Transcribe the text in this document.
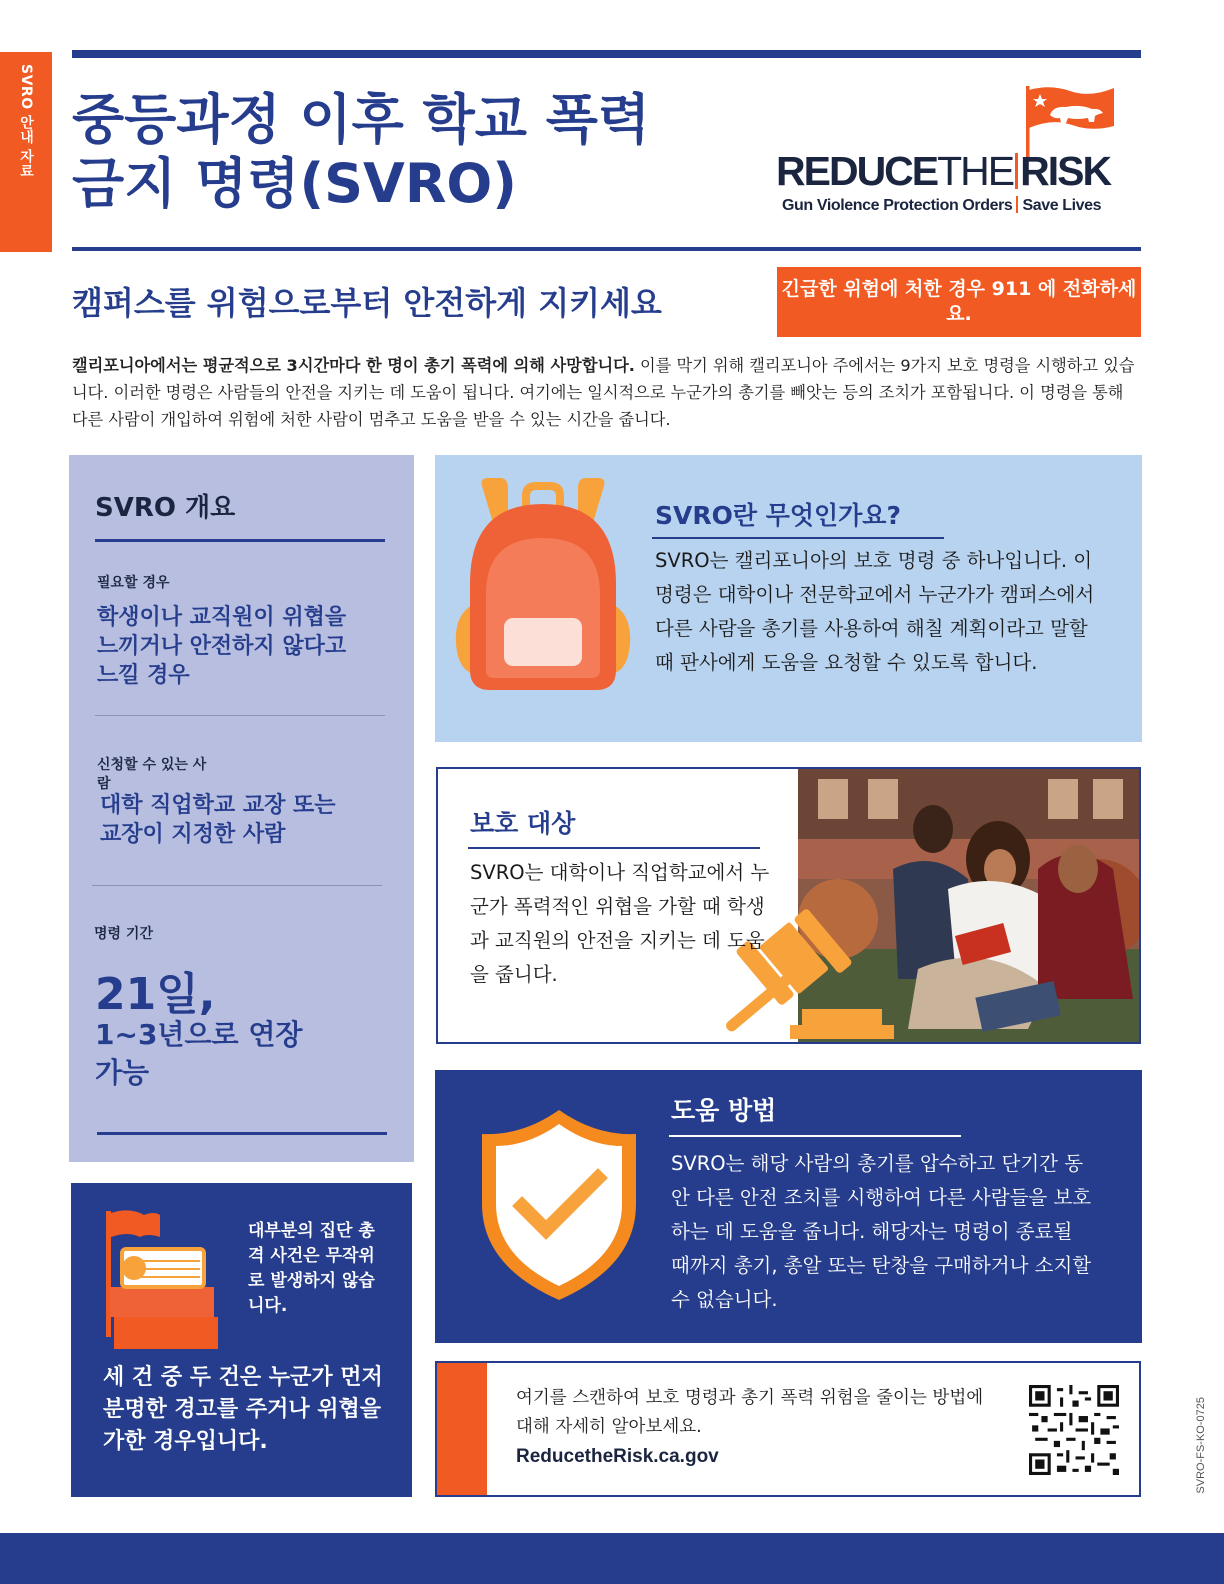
SVRO 안내 자료 중등과정 이후 학교 폭력
금지 명령(SVRO)	REDUCETHE RISK
Gun Violence Protection Orders Save Lives
캠퍼스를 위험으로부터 안전하게 지키세요	긴급한 위험에 처한 경우 911 에 전화하세요.
캘리포니아에서는 평균적으로 3시간마다 한 명이 총기 폭력에 의해 사망합니다. 이를 막기 위해 캘리포니아 주에서는 9가지 보호 명령을 시행하고 있습니다. 이러한 명령은 사람들의 안전을 지키는 데 도움이 됩니다. 여기에는 일시적으로 누군가의 총기를 빼앗는 등의 조치가 포함됩니다. 이 명령을 통해 다른 사람이 개입하여 위험에 처한 사람이 멈추고 도움을 받을 수 있는 시간을 줍니다.
SVRO 개요
필요할 경우
학생이나 교직원이 위협을 느끼거나 안전하지 않다고 느낄 경우
신청할 수 있는 사람
대학 직업학교 교장 또는 교장이 지정한 사람
명령 기간
21일,
1~3년으로 연장 가능
SVRO란 무엇인가요?
SVRO는 캘리포니아의 보호 명령 중 하나입니다. 이 명령은 대학이나 전문학교에서 누군가가 캠퍼스에서 다른 사람을 총기를 사용하여 해칠 계획이라고 말할 때 판사에게 도움을 요청할 수 있도록 합니다.
보호 대상
SVRO는 대학이나 직업학교에서 누군가 폭력적인 위협을 가할 때 학생과 교직원의 안전을 지키는 데 도움을 줍니다.
도움 방법
SVRO는 해당 사람의 총기를 압수하고 단기간 동안 다른 안전 조치를 시행하여 다른 사람들을 보호하는 데 도움을 줍니다. 해당자는 명령이 종료될 때까지 총기, 총알 또는 탄창을 구매하거나 소지할 수 없습니다.
대부분의 집단 총격 사건은 무작위로 발생하지 않습니다.
세 건 중 두 건은 누군가 먼저 분명한 경고를 주거나 위협을 가한 경우입니다.
여기를 스캔하여 보호 명령과 총기 폭력 위험을 줄이는 방법에 대해 자세히 알아보세요.
ReducetheRisk.ca.gov	SVRO-FS-KO-0725
